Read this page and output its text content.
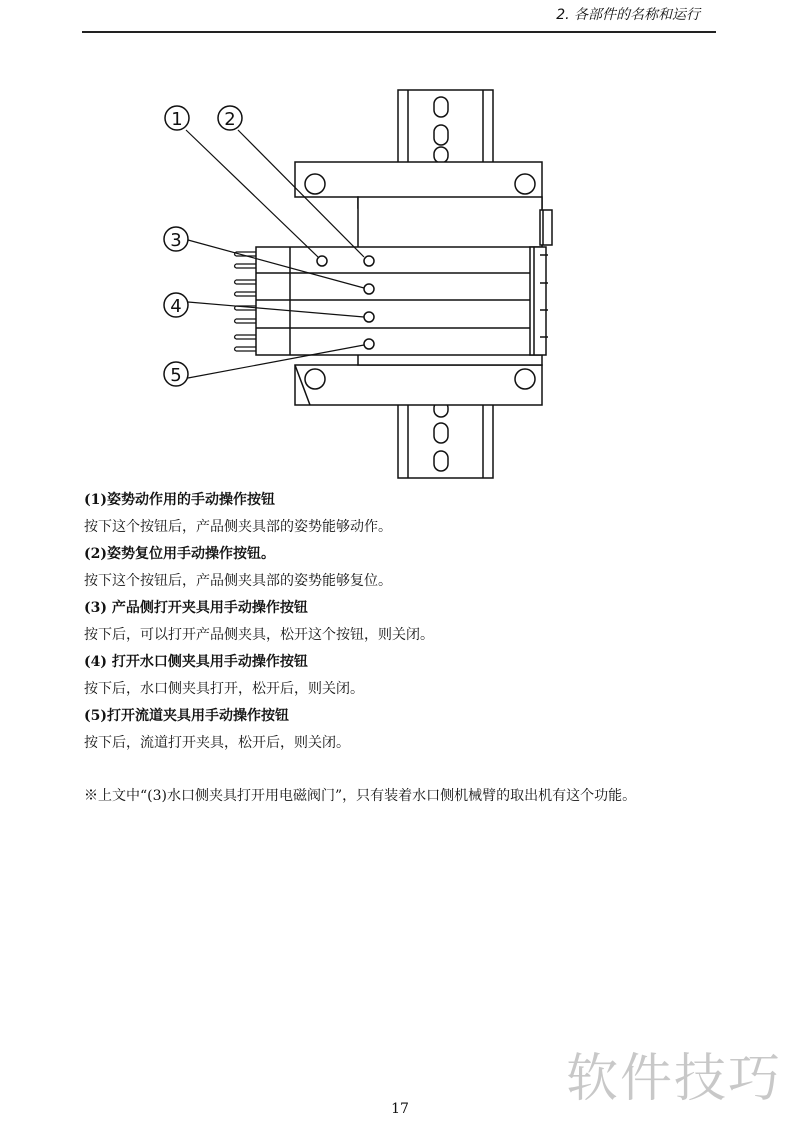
2. 各部件的名称和运行
1 2
3
4
5

(1)姿势动作用的手动操作按钮

按下这个按钮后，产品侧夹具部的姿势能够动作。

(2)姿势复位用手动操作按钮。

按下这个按钮后，产品侧夹具部的姿势能够复位。

(3) 产品侧打开夹具用手动操作按钮

按下后，可以打开产品侧夹具，松开这个按钮，则关闭。

(4) 打开水口侧夹具用手动操作按钮

按下后，水口侧夹具打开，松开后，则关闭。

(5)打开流道夹具用手动操作按钮

按下后，流道打开夹具，松开后，则关闭。

※上文中“(3)水口侧夹具打开用电磁阀门”，只有装着水口侧机械臂的取出机有这个功能。

17	软件技巧
